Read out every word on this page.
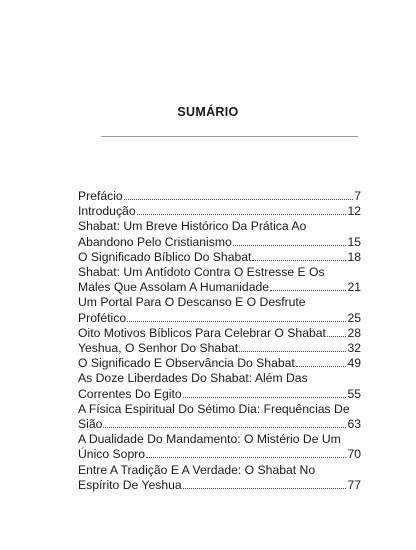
SUMÁRIO
Prefácio	7
Introdução	12
Shabat: Um Breve Histórico Da Prática Ao
Abandono Pelo Cristianismo	15
O Significado Bíblico Do Shabat	18
Shabat: Um Antídoto Contra O Estresse E Os
Males Que Assolam A Humanidade	21
Um Portal Para O Descanso E O Desfrute
Profético	25
Oito Motivos Bíblicos Para Celebrar O Shabat 28
Yeshua, O Senhor Do Shabat	32
O Significado E Observância Do Shabat	49
As Doze Liberdades Do Shabat: Além Das
Correntes Do Egito	55
A Física Espiritual Do Sétimo Dia: Frequências De
Sião	63
A Dualidade Do Mandamento: O Mistério De Um
Único Sopro	70
Entre A Tradição E A Verdade: O Shabat No
Espírito De Yeshua	77
